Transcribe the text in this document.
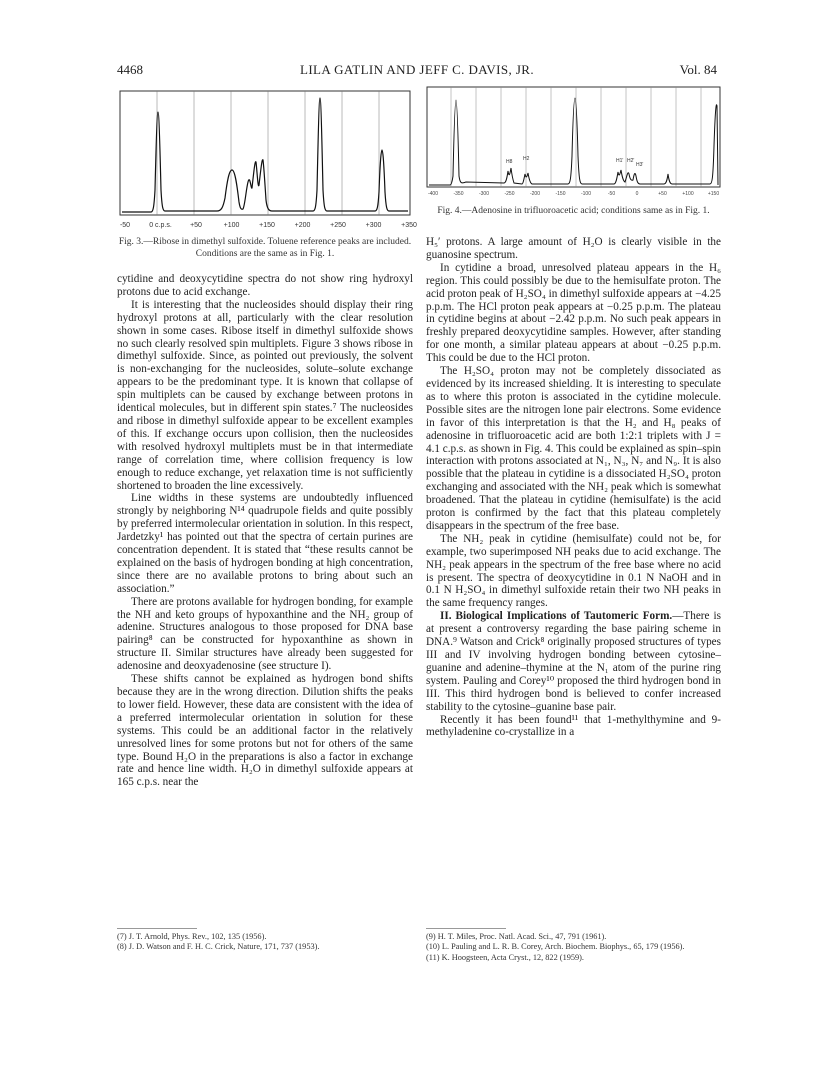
4468	LILA GATLIN AND JEFF C. DAVIS, JR.	Vol. 84
-50	0 c.p.s.	+50	+100	+150	+200	+250	+300	+350
Fig. 3.—Ribose in dimethyl sulfoxide. Toluene reference peaks are included. Conditions are the same as in Fig. 1.
H8 H2	H1' H2'
H3'
-400	-350	-300	-250	-200	-150	-100	-50	0	+50	+100	+150
Fig. 4.—Adenosine in trifluoroacetic acid; conditions same as in Fig. 1.

cytidine and deoxycytidine spectra do not show ring hydroxyl protons due to acid exchange.

It is interesting that the nucleosides should display their ring hydroxyl protons at all, particularly with the clear resolution shown in some cases. Ribose itself in dimethyl sulfoxide shows no such clearly resolved spin multiplets. Figure 3 shows ribose in dimethyl sulfoxide. Since, as pointed out previously, the solvent is non-exchanging for the nucleosides, solute–solute exchange appears to be the predominant type. It is known that collapse of spin multiplets can be caused by exchange between protons in identical molecules, but in different spin states.⁷ The nucleosides and ribose in dimethyl sulfoxide appear to be excellent examples of this. If exchange occurs upon collision, then the nucleosides with resolved hydroxyl multiplets must be in that intermediate range of correlation time, where collision frequency is low enough to reduce exchange, yet relaxation time is not sufficiently shortened to broaden the line excessively.

Line widths in these systems are undoubtedly influenced strongly by neighboring N¹⁴ quadrupole fields and quite possibly by preferred intermolecular orientation in solution. In this respect, Jardetzky¹ has pointed out that the spectra of certain purines are concentration dependent. It is stated that “these results cannot be explained on the basis of hydrogen bonding at high concentration, since there are no available protons to bring about such an association.”

There are protons available for hydrogen bonding, for example the NH and keto groups of hypoxanthine and the NH₂ group of adenine. Structures analogous to those proposed for DNA base pairing⁸ can be constructed for hypoxanthine as shown in structure II. Similar structures have already been suggested for adenosine and deoxyadenosine (see structure I).

These shifts cannot be explained as hydrogen bond shifts because they are in the wrong direction. Dilution shifts the peaks to lower field. However, these data are consistent with the idea of a preferred intermolecular orientation in solution for these systems. This could be an additional factor in the relatively unresolved lines for some protons but not for others of the same type. Bound H₂O in the preparations is also a factor in exchange rate and hence line width. H₂O in dimethyl sulfoxide appears at 165 c.p.s. near the

H₅′ protons. A large amount of H₂O is clearly visible in the guanosine spectrum.

In cytidine a broad, unresolved plateau appears in the H₆ region. This could possibly be due to the hemisulfate proton. The acid proton peak of H₂SO₄ in dimethyl sulfoxide appears at −4.25 p.p.m. The HCl proton peak appears at −0.25 p.p.m. The plateau in cytidine begins at about −2.42 p.p.m. No such peak appears in freshly prepared deoxycytidine samples. However, after standing for one month, a similar plateau appears at about −0.25 p.p.m. This could be due to the HCl proton.

The H₂SO₄ proton may not be completely dissociated as evidenced by its increased shielding. It is interesting to speculate as to where this proton is associated in the cytidine molecule. Possible sites are the nitrogen lone pair electrons. Some evidence in favor of this interpretation is that the H₂ and H₈ peaks of adenosine in trifluoroacetic acid are both 1:2:1 triplets with J = 4.1 c.p.s. as shown in Fig. 4. This could be explained as spin–spin interaction with protons associated at N₁, N₃, N₇ and N₉. It is also possible that the plateau in cytidine is a dissociated H₂SO₄ proton exchanging and associated with the NH₂ peak which is somewhat broadened. That the plateau in cytidine (hemisulfate) is the acid proton is confirmed by the fact that this plateau completely disappears in the spectrum of the free base.

The NH₂ peak in cytidine (hemisulfate) could not be, for example, two superimposed NH peaks due to acid exchange. The NH₂ peak appears in the spectrum of the free base where no acid is present. The spectra of deoxycytidine in 0.1 N NaOH and in 0.1 N H₂SO₄ in dimethyl sulfoxide retain their two NH peaks in the same frequency ranges.

II. Biological Implications of Tautomeric Form.—There is at present a controversy regarding the base pairing scheme in DNA.⁹ Watson and Crick⁸ originally proposed structures of types III and IV involving hydrogen bonding between cytosine–guanine and adenine–thymine at the N₁ atom of the purine ring system. Pauling and Corey¹⁰ proposed the third hydrogen bond in III. This third hydrogen bond is believed to confer increased stability to the cytosine–guanine base pair.

Recently it has been found¹¹ that 1-methylthymine and 9-methyladenine co-crystallize in a

(7) J. T. Arnold, Phys. Rev., 102, 135 (1956).
(8) J. D. Watson and F. H. C. Crick, Nature, 171, 737 (1953).
(9) H. T. Miles, Proc. Natl. Acad. Sci., 47, 791 (1961).
(10) L. Pauling and L. R. B. Corey, Arch. Biochem. Biophys., 65, 179 (1956).
(11) K. Hoogsteen, Acta Cryst., 12, 822 (1959).
